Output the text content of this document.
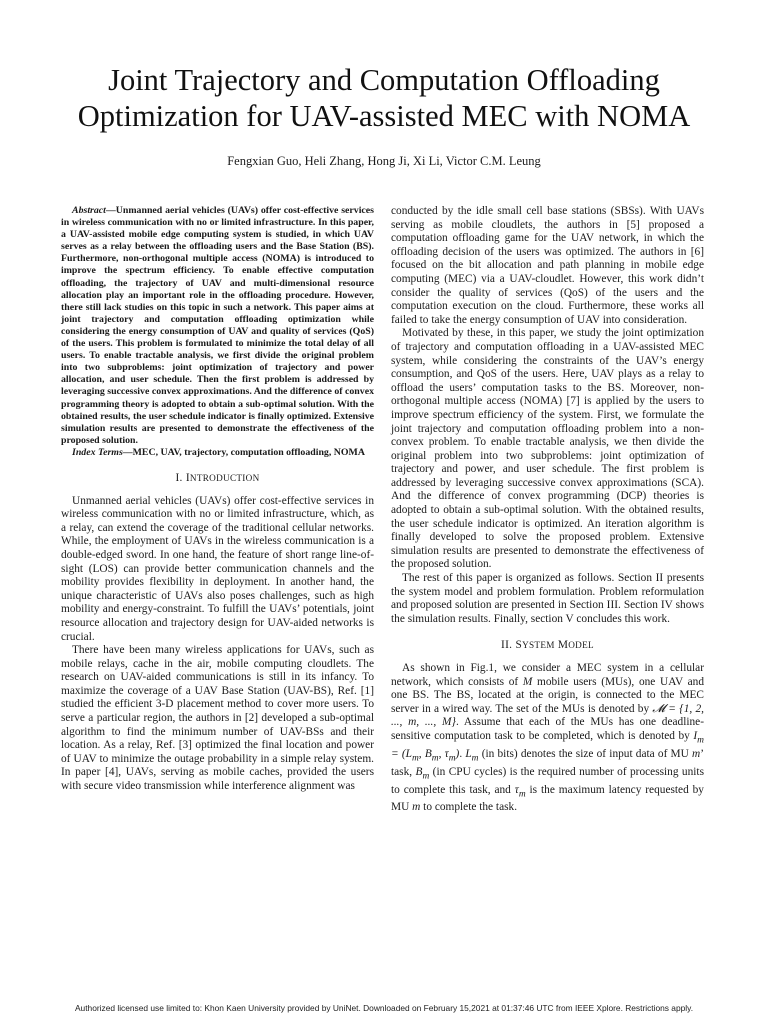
Joint Trajectory and Computation Offloading
Optimization for UAV-assisted MEC with NOMA
Fengxian Guo, Heli Zhang, Hong Ji, Xi Li, Victor C.M. Leung

Abstract—Unmanned aerial vehicles (UAVs) offer cost-effective services in wireless communication with no or limited infrastructure. In this paper, a UAV-assisted mobile edge computing system is studied, in which UAV serves as a relay between the offloading users and the Base Station (BS). Furthermore, non-orthogonal multiple access (NOMA) is introduced to improve the spectrum efficiency. To enable effective computation offloading, the trajectory of UAV and multi-dimensional resource allocation play an important role in the offloading procedure. However, there still lack studies on this topic in such a network. This paper aims at joint trajectory and computation offloading optimization while considering the energy consumption of UAV and quality of services (QoS) of the users. This problem is formulated to minimize the total delay of all users. To enable tractable analysis, we first divide the original problem into two subproblems: joint optimization of trajectory and power allocation, and user schedule. Then the first problem is addressed by leveraging successive convex approximations. And the difference of convex programming theory is adopted to obtain a sub-optimal solution. With the obtained results, the user schedule indicator is finally optimized. Extensive simulation results are presented to demonstrate the effectiveness of the proposed solution.

Index Terms—MEC, UAV, trajectory, computation offloading, NOMA

I. INTRODUCTION

Unmanned aerial vehicles (UAVs) offer cost-effective services in wireless communication with no or limited infrastructure, which, as a relay, can extend the coverage of the traditional cellular networks. While, the employment of UAVs in the wireless communication is a double-edged sword. In one hand, the feature of short range line-of-sight (LOS) can provide better communication channels and the mobility provides flexibility in deployment. In another hand, the unique characteristic of UAVs also poses challenges, such as high mobility and energy-constraint. To fulfill the UAVs’ potentials, joint resource allocation and trajectory design for UAV-aided networks is crucial.

There have been many wireless applications for UAVs, such as mobile relays, cache in the air, mobile computing cloudlets. The research on UAV-aided communications is still in its infancy. To maximize the coverage of a UAV Base Station (UAV-BS), Ref. [1] studied the efficient 3-D placement method to cover more users. To serve a particular region, the authors in [2] developed a sub-optimal algorithm to find the minimum number of UAV-BSs and their location. As a relay, Ref. [3] optimized the final location and power of UAV to minimize the outage probability in a simple relay system. In paper [4], UAVs, serving as mobile caches, provided the users with secure video transmission while interference alignment was

conducted by the idle small cell base stations (SBSs). With UAVs serving as mobile cloudlets, the authors in [5] proposed a computation offloading game for the UAV network, in which the offloading decision of the users was optimized. The authors in [6] focused on the bit allocation and path planning in mobile edge computing (MEC) via a UAV-cloudlet. However, this work didn’t consider the quality of services (QoS) of the users and the computation execution on the cloud. Furthermore, these works all failed to take the energy consumption of UAV into consideration.

Motivated by these, in this paper, we study the joint optimization of trajectory and computation offloading in a UAV-assisted MEC system, while considering the constraints of the UAV’s energy consumption, and QoS of the users. Here, UAV plays as a relay to offload the users’ computation tasks to the BS. Moreover, non-orthogonal multiple access (NOMA) [7] is applied by the users to improve spectrum efficiency of the system. First, we formulate the joint trajectory and computation offloading problem into a non-convex problem. To enable tractable analysis, we then divide the original problem into two subproblems: joint optimization of trajectory and power, and user schedule. The first problem is addressed by leveraging successive convex approximations (SCA). And the difference of convex programming (DCP) theories is adopted to obtain a sub-optimal solution. With the obtained results, the user schedule indicator is optimized. An iteration algorithm is finally developed to solve the proposed problem. Extensive simulation results are presented to demonstrate the effectiveness of the proposed solution.

The rest of this paper is organized as follows. Section II presents the system model and problem formulation. Problem reformulation and proposed solution are presented in Section III. Section IV shows the simulation results. Finally, section V concludes this work.

II. SYSTEM MODEL

As shown in Fig.1, we consider a MEC system in a cellular network, which consists of M mobile users (MUs), one UAV and one BS. The BS, located at the origin, is connected to the MEC server in a wired way. The set of the MUs is denoted by 𝓜 = {1, 2, ..., m, ..., M}. Assume that each of the MUs has one deadline-sensitive computation task to be completed, which is denoted by $I_m = (L_m$, $B_m$, $\tau_m$). $L_m$ (in bits) denotes the size of input data of MU m’ task, $B_m$ (in CPU cycles) is the required number of processing units to complete this task, and $\tau_m$ is the maximum latency requested by MU m to complete the task.

Authorized licensed use limited to: Khon Kaen University provided by UniNet. Downloaded on February 15,2021 at 01:37:46 UTC from IEEE Xplore. Restrictions apply.
